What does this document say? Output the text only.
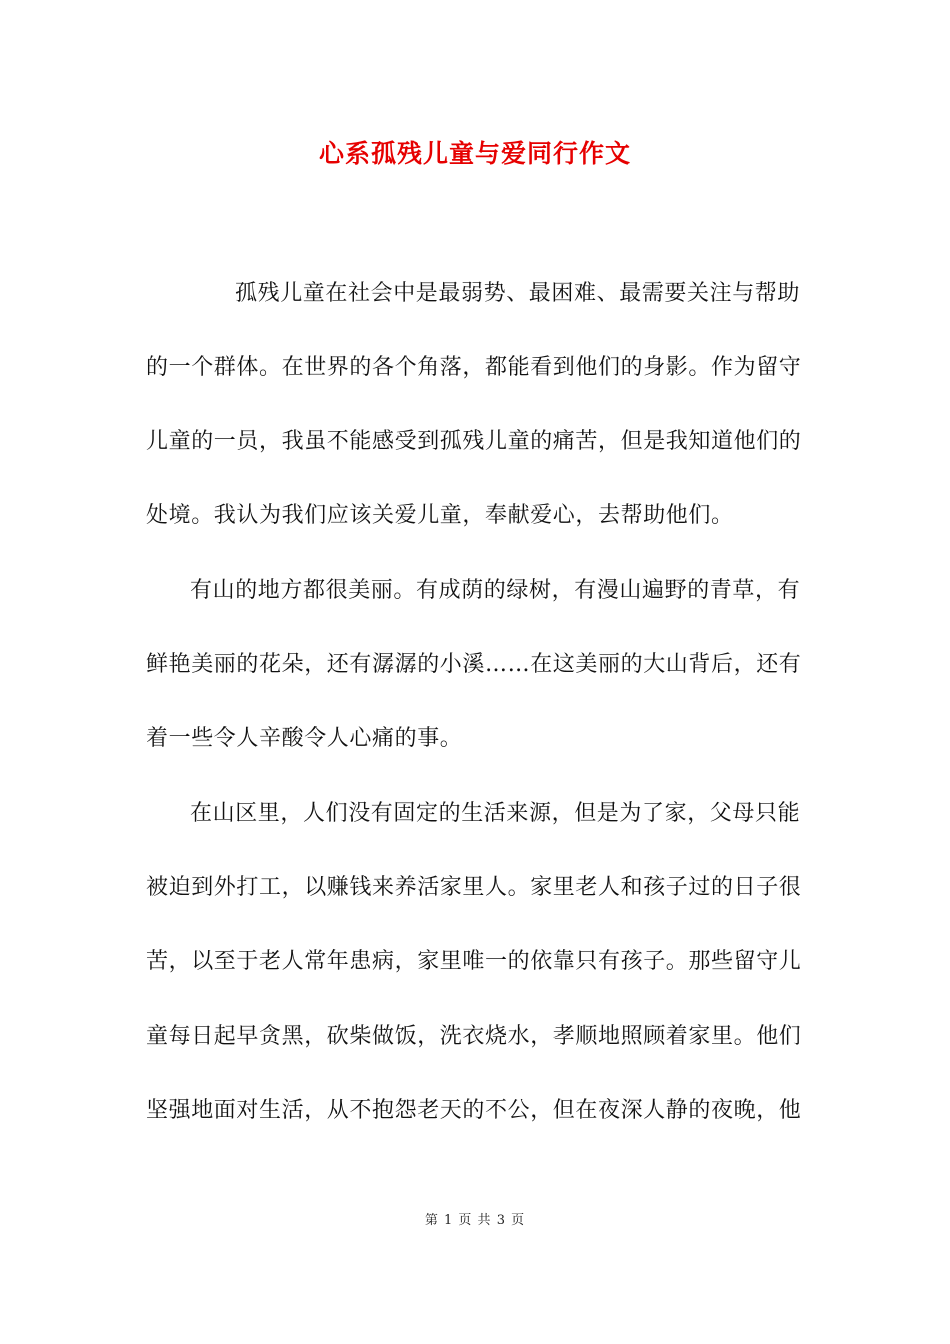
心系孤残儿童与爱同行作文
孤残儿童在社会中是最弱势、最困难、最需要关注与帮助
的一个群体。在世界的各个角落，都能看到他们的身影。作为留守
儿童的一员，我虽不能感受到孤残儿童的痛苦，但是我知道他们的
处境。我认为我们应该关爱儿童，奉献爱心，去帮助他们。
有山的地方都很美丽。有成荫的绿树，有漫山遍野的青草，有
鲜艳美丽的花朵，还有潺潺的小溪……在这美丽的大山背后，还有
着一些令人辛酸令人心痛的事。
在山区里，人们没有固定的生活来源，但是为了家，父母只能
被迫到外打工，以赚钱来养活家里人。家里老人和孩子过的日子很
苦，以至于老人常年患病，家里唯一的依靠只有孩子。那些留守儿
童每日起早贪黑，砍柴做饭，洗衣烧水，孝顺地照顾着家里。他们
坚强地面对生活，从不抱怨老天的不公，但在夜深人静的夜晚，他
第 1 页 共 3 页
